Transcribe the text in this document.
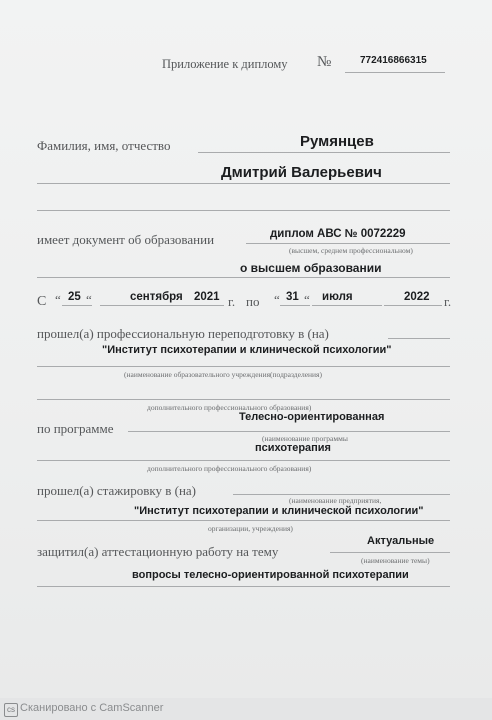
Приложение к диплому №	772416866315
Фамилия, имя, отчество	Румянцев
Дмитрий Валерьевич
имеет документ об образовании	диплом АВС № 0072229
(высшем, среднем профессиональном)
о высшем образовании
С “ 25 “	сентября 2021 г. по “ 31 “ июля	2022 г.
прошел(а) профессиональную переподготовку в (на)
"Институт психотерапии и клинической психологии"
(наименование образовательного учреждения(подразделения)
дополнительного профессионального образования)
по программе
Телесно-ориентированная
(наименование программы
психотерапия
дополнительного профессионального образования)
прошел(а) стажировку в (на)
(наименование предприятия,
"Институт психотерапии и клинической психологии"
организации, учреждения)
защитил(а) аттестационную работу на тему
Актуальные
(наименование темы)
вопросы телесно-ориентированной психотерапии
cs Сканировано с CamScanner
